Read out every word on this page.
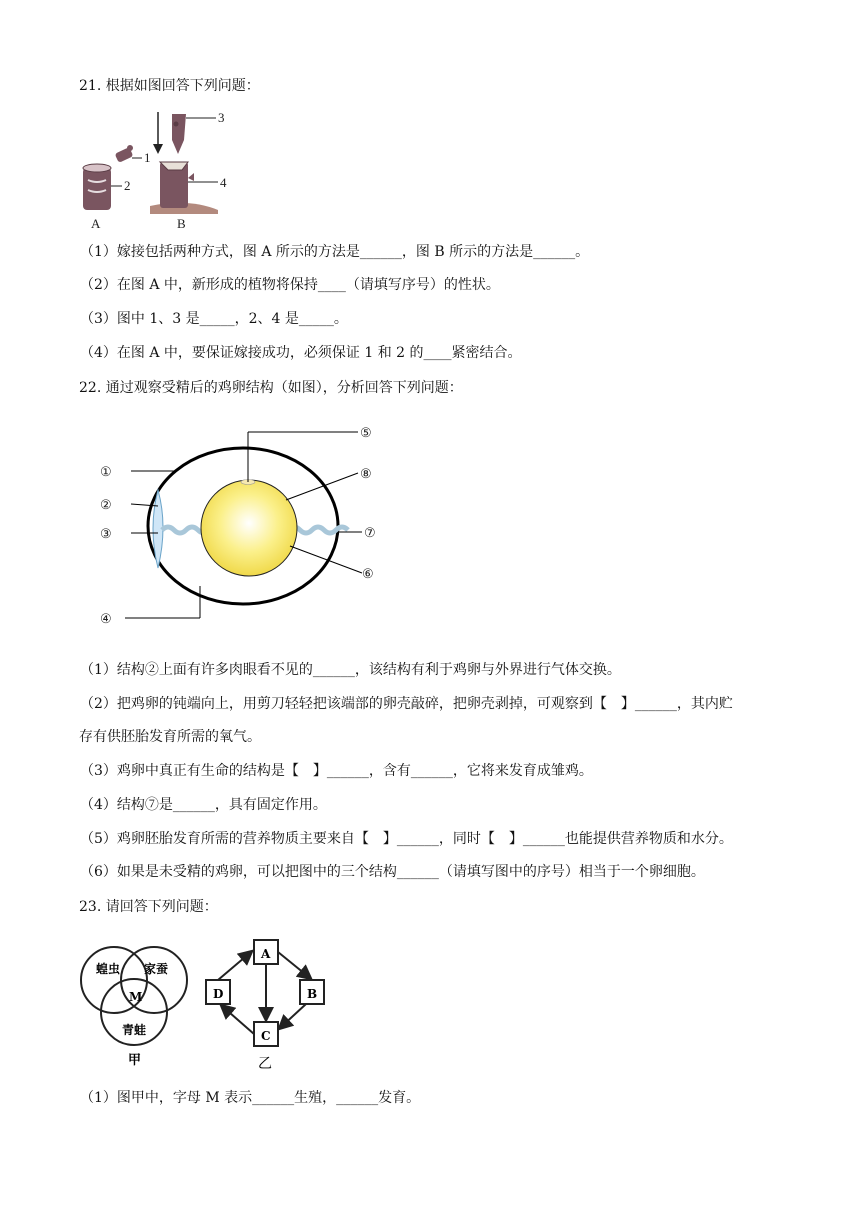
21. 根据如图回答下列问题：
1
2
3
4
A	B
（1）嫁接包括两种方式，图 A 所示的方法是______，图 B 所示的方法是______。
（2）在图 A 中，新形成的植物将保持____（请填写序号）的性状。
（3）图中 1、3 是_____，2、4 是_____。
（4）在图 A 中，要保证嫁接成功，必须保证 1 和 2 的____紧密结合。
22. 通过观察受精后的鸡卵结构（如图），分析回答下列问题：
①
②
③
④
⑤
⑥
⑦
⑧
（1）结构②上面有许多肉眼看不见的______，该结构有利于鸡卵与外界进行气体交换。
（2）把鸡卵的钝端向上，用剪刀轻轻把该端部的卵壳敲碎，把卵壳剥掉，可观察到【　】______，其内贮
存有供胚胎发育所需的氧气。
（3）鸡卵中真正有生命的结构是【　】______，含有______，它将来发育成雏鸡。
（4）结构⑦是______，具有固定作用。
（5）鸡卵胚胎发育所需的营养物质主要来自【　】______，同时【　】______也能提供营养物质和水分。
（6）如果是未受精的鸡卵，可以把图中的三个结构______（请填写图中的序号）相当于一个卵细胞。
23. 请回答下列问题：
蝗虫 家蚕
青蛙
M
甲
A
B
C
D
乙
（1）图甲中，字母 M 表示______生殖，______发育。
